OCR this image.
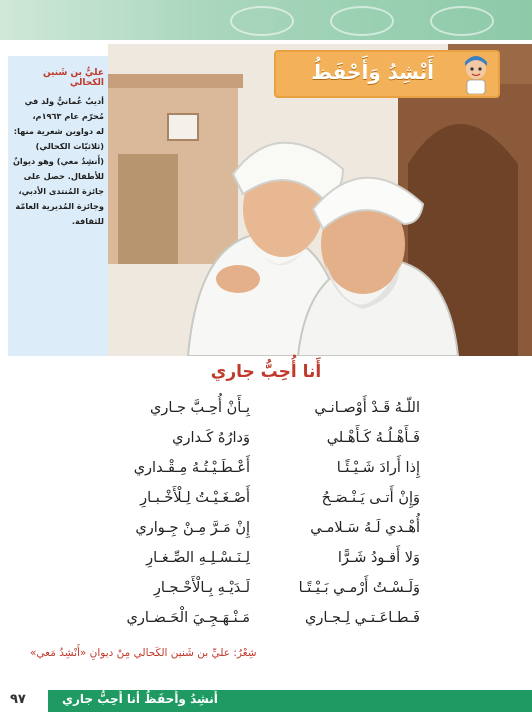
عليُّ بن شَنين الكحالي
أديبٌ عُمانيٌّ ولد في
مُحرّم عام ١٩٦٣م،
له دواوين شعرية منها:
(ثلاثيّات الكحالي)
(أَنشِدُ معي) وهو ديوانٌ
للأطفال. حصل على
جائزة المُنتدى الأدبي،
وجائزة المُديرية العامّة
للثقافة.
أَنْشِدُ وَأَحْفَظُ
أَنا أُحِبُّ جاري
اللّـهُ قَـدْ أَوْصـانـي
بِـأَنْ أُحِـبَّ جـاري
فَـأَهْـلُـهُ كَـأَهْـلي
وَدارُهُ كَـداري
إِذا أَرادَ شَـيْـئًـا
أَعْـطَـيْـتُـهُ مِـقْـداري
وَإِنْ أَتـى يَـنْـصَـحُ
أَصْـغَـيْـتُ لِـلْأَخْـبـارِ
أُهْـدي لَـهُ سَـلامـي
إِنْ مَـرَّ مِـنْ جِـواري
وَلا أَقـودُ شَـرًّا
لِـنَـسْـلِـهِ الصِّـغـارِ
وَلَـسْـتُ أَرْمـي بَـيْـتًـا
لَـدَيْـهِ بِـالْأَحْـجـارِ
فَـطـاعَـتـي لِـجـاري
مَـنْـهَـجِـيَ الْحَـضـاري
شِعْرُ: عليِّ بن شَنين الكَحالي مِنْ ديوانِ «أَنْشِدُ مَعي»
أَنشِدُ وأَحفَظُ أنا أُحِبُّ جاري
٩٧
